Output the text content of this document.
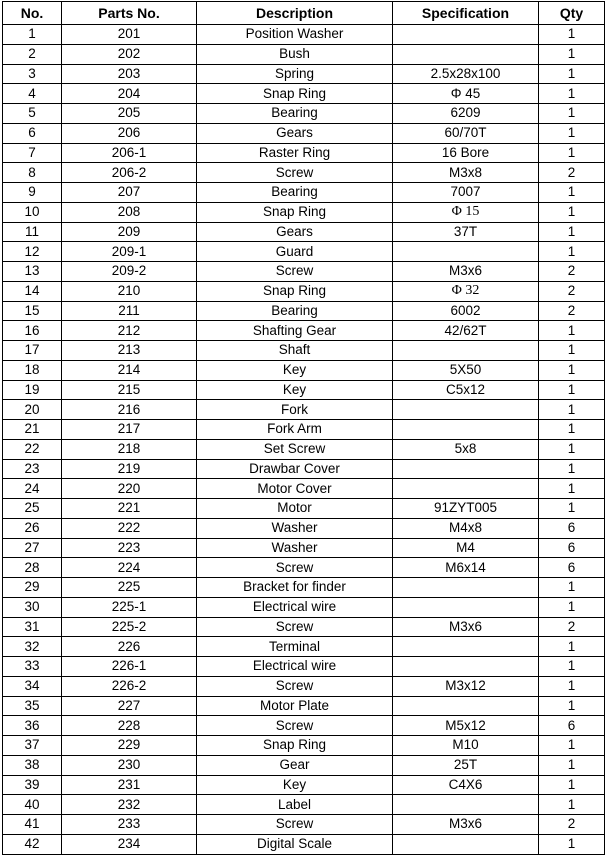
No.	Parts No.	Description	Specification	Qty
1	201	Position Washer		1
2	202	Bush		1
3	203	Spring	2.5x28x100	1
4	204	Snap Ring	Φ 45	1
5	205	Bearing	6209	1
6	206	Gears	60/70T	1
7	206-1	Raster Ring	16 Bore	1
8	206-2	Screw	M3x8	2
9	207	Bearing	7007	1
10	208	Snap Ring	Φ 15	1
11	209	Gears	37T	1
12	209-1	Guard		1
13	209-2	Screw	M3x6	2
14	210	Snap Ring	Φ 32	2
15	211	Bearing	6002	2
16	212	Shafting Gear	42/62T	1
17	213	Shaft		1
18	214	Key	5X50	1
19	215	Key	C5x12	1
20	216	Fork		1
21	217	Fork Arm		1
22	218	Set Screw	5x8	1
23	219	Drawbar Cover		1
24	220	Motor Cover		1
25	221	Motor	91ZYT005	1
26	222	Washer	M4x8	6
27	223	Washer	M4	6
28	224	Screw	M6x14	6
29	225	Bracket for finder		1
30	225-1	Electrical wire		1
31	225-2	Screw	M3x6	2
32	226	Terminal		1
33	226-1	Electrical wire		1
34	226-2	Screw	M3x12	1
35	227	Motor Plate		1
36	228	Screw	M5x12	6
37	229	Snap Ring	M10	1
38	230	Gear	25T	1
39	231	Key	C4X6	1
40	232	Label		1
41	233	Screw	M3x6	2
42	234	Digital Scale		1
